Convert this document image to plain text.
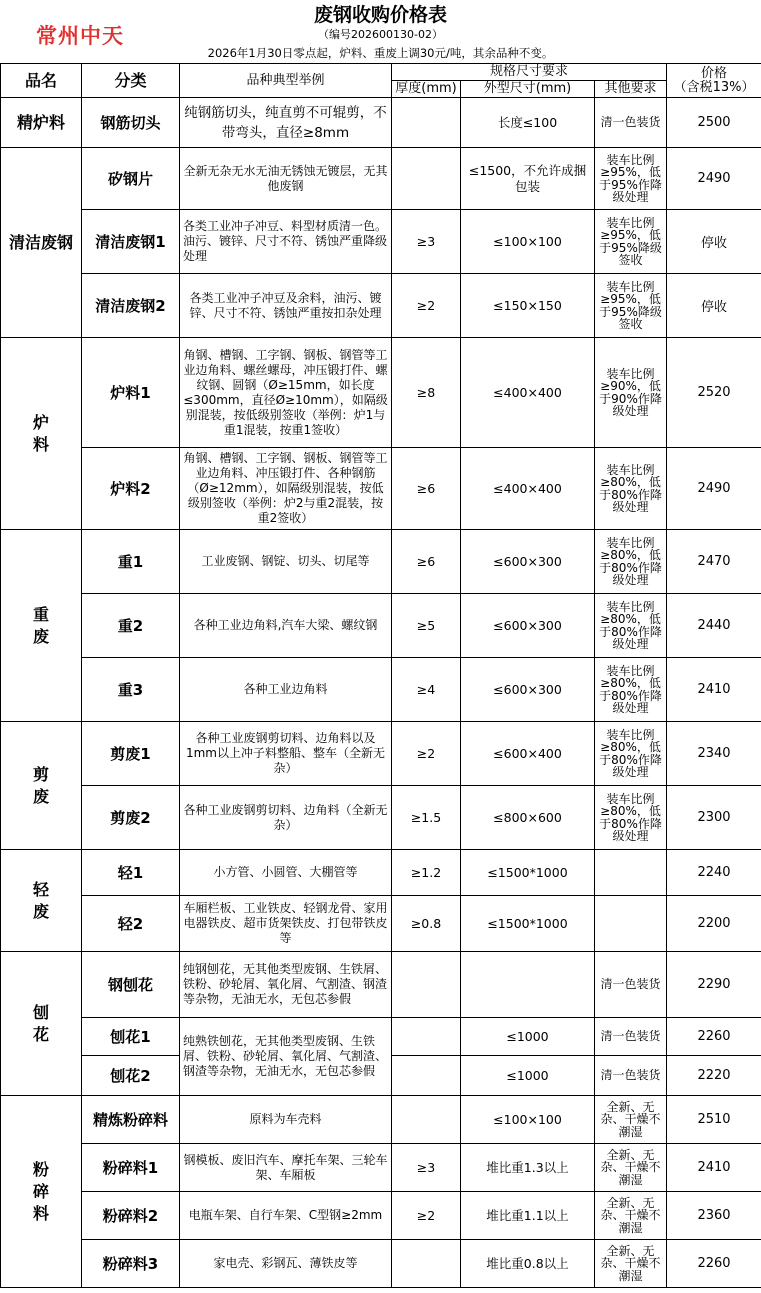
废钢收购价格表
常州中天	（编号202600130-02）
2026年1月30日零点起，炉料、重废上调30元/吨，其余品种不变。
品名	分类	品种典型举例	规格尺寸要求			价格
（含税13%）

			厚度(mm)	外型尺寸(mm)	其他要求	
精炉料	钢筋切头	纯钢筋切头，纯直剪不可辊剪，不带弯头，直径≥8mm		长度≤100	清一色装货	2500
清洁废钢	矽钢片	全新无杂无水无油无锈蚀无镀层，无其他废钢		≤1500，不允许成捆包装	装车比例≥95%，低于95%作降级处理	2490
	清洁废钢1	各类工业冲子冲豆、料型材质清一色。油污、镀锌、尺寸不符、锈蚀严重降级处理	≥3	≤100×100	装车比例≥95%，低于95%降级签收	停收
	清洁废钢2	各类工业冲子冲豆及余料，油污、镀锌、尺寸不符、锈蚀严重按扣杂处理	≥2	≤150×150	装车比例≥95%，低于95%降级签收	停收
炉料	炉料1	角钢、槽钢、工字钢、钢板、钢管等工业边角料、螺丝螺母，冲压锻打件、螺纹钢、圆钢（Ø≥15mm，如长度≤300mm，直径Ø≥10mm），如隔级别混装，按低级别签收（举例：炉1与重1混装，按重1签收）	≥8	≤400×400	装车比例≥90%，低于90%作降级处理	2520
	炉料2	角钢、槽钢、工字钢、钢板、钢管等工业边角料、冲压锻打件、各种钢筋（Ø≥12mm），如隔级别混装，按低级别签收（举例：炉2与重2混装，按重2签收）	≥6	≤400×400	装车比例≥80%，低于80%作降级处理	2490
重废	重1	工业废钢、钢锭、切头、切尾等	≥6	≤600×300	装车比例≥80%，低于80%作降级处理	2470
	重2	各种工业边角料,汽车大梁、螺纹钢	≥5	≤600×300	装车比例≥80%，低于80%作降级处理	2440
	重3	各种工业边角料	≥4	≤600×300	装车比例≥80%，低于80%作降级处理	2410
剪废	剪废1	各种工业废钢剪切料、边角料以及1mm以上冲子料整船、整车（全新无杂）	≥2	≤600×400	装车比例≥80%，低于80%作降级处理	2340
	剪废2	各种工业废钢剪切料、边角料（全新无杂）	≥1.5	≤800×600	装车比例≥80%，低于80%作降级处理	2300
轻废	轻1	小方管、小圆管、大棚管等	≥1.2	≤1500*1000		2240
	轻2	车厢栏板、工业铁皮、轻钢龙骨、家用电器铁皮、超市货架铁皮、打包带铁皮等	≥0.8	≤1500*1000		2200
刨花	钢刨花	纯钢刨花，无其他类型废钢、生铁屑、铁粉、砂轮屑、氧化屑、气割渣、钢渣等杂物，无油无水，无包芯参假			清一色装货	2290
	刨花1	纯熟铁刨花，无其他类型废钢、生铁屑、铁粉、砂轮屑、氧化屑、气割渣、钢渣等杂物，无油无水，无包芯参假		≤1000	清一色装货	2260
	刨花2			≤1000	清一色装货	2220
粉碎料	精炼粉碎料	原料为车壳料		≤100×100	全新、无杂、干燥不潮湿	2510
	粉碎料1	钢模板、废旧汽车、摩托车架、三轮车架、车厢板	≥3	堆比重1.3以上	全新、无杂、干燥不潮湿	2410
	粉碎料2	电瓶车架、自行车架、C型钢≥2mm	≥2	堆比重1.1以上	全新、无杂、干燥不潮湿	2360
	粉碎料3	家电壳、彩钢瓦、薄铁皮等		堆比重0.8以上	全新、无杂、干燥不潮湿	2260
